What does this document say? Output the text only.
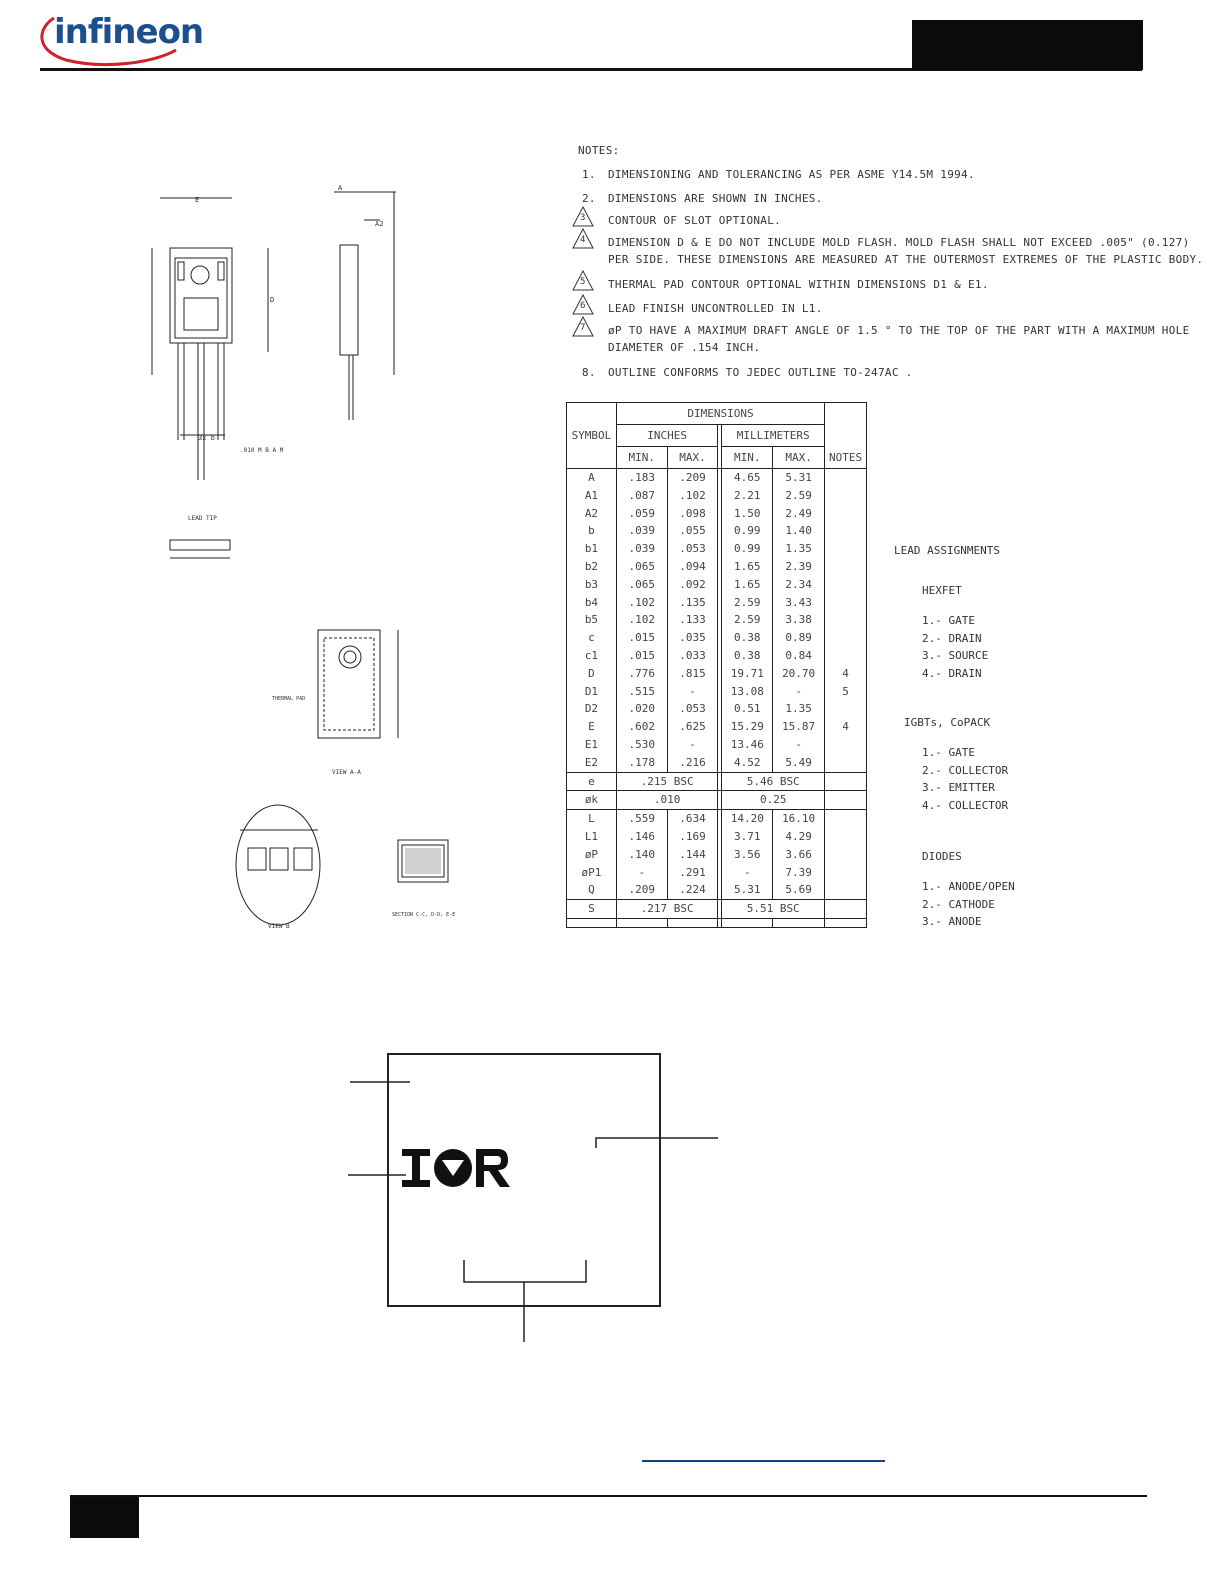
infineon
E
A
A2
D
3x b
LEAD TIP
THERMAL PAD
VIEW A-A
VIEW B
SECTION C-C, D-D, E-E
.010 M B A M
NOTES:
1.	DIMENSIONING AND TOLERANCING AS PER ASME Y14.5M 1994.
2.	DIMENSIONS ARE SHOWN IN INCHES.
3	CONTOUR OF SLOT OPTIONAL.
4	DIMENSION D & E DO NOT INCLUDE MOLD FLASH. MOLD FLASH SHALL NOT EXCEED .005" (0.127)
PER SIDE. THESE DIMENSIONS ARE MEASURED AT THE OUTERMOST EXTREMES OF THE PLASTIC BODY.
5	THERMAL PAD CONTOUR OPTIONAL WITHIN DIMENSIONS D1 & E1.
6	LEAD FINISH UNCONTROLLED IN L1.
7	øP TO HAVE A MAXIMUM DRAFT ANGLE OF 1.5 ° TO THE TOP OF THE PART WITH A MAXIMUM HOLE
DIAMETER OF .154 INCH.
8.	OUTLINE CONFORMS TO JEDEC OUTLINE TO-247AC .
SYMBOL	DIMENSIONS					NOTES
	INCHES			MILLIMETERS		
	MIN.	MAX.		MIN.	MAX.	
A	.183	.209		4.65	5.31	
A1	.087	.102		2.21	2.59	
A2	.059	.098		1.50	2.49	
b	.039	.055		0.99	1.40	
b1	.039	.053		0.99	1.35	
b2	.065	.094		1.65	2.39	
b3	.065	.092		1.65	2.34	
b4	.102	.135		2.59	3.43	
b5	.102	.133		2.59	3.38	
c	.015	.035		0.38	0.89	
c1	.015	.033		0.38	0.84	
D	.776	.815		19.71	20.70	4
D1	.515	-		13.08	-	5
D2	.020	.053		0.51	1.35	
E	.602	.625		15.29	15.87	4
E1	.530	-		13.46	-	
E2	.178	.216		4.52	5.49	
e	.215 BSC			5.46 BSC		
øk	.010			0.25		
L	.559	.634		14.20	16.10	
L1	.146	.169		3.71	4.29	
øP	.140	.144		3.56	3.66	
øP1	-	.291		-	7.39	
Q	.209	.224		5.31	5.69	
S	.217 BSC			5.51 BSC		

LEAD ASSIGNMENTS
HEXFET
1.- GATE
2.- DRAIN
3.- SOURCE
4.- DRAIN
IGBTs, CoPACK
1.- GATE
2.- COLLECTOR
3.- EMITTER
4.- COLLECTOR
DIODES
1.- ANODE/OPEN
2.- CATHODE
3.- ANODE
